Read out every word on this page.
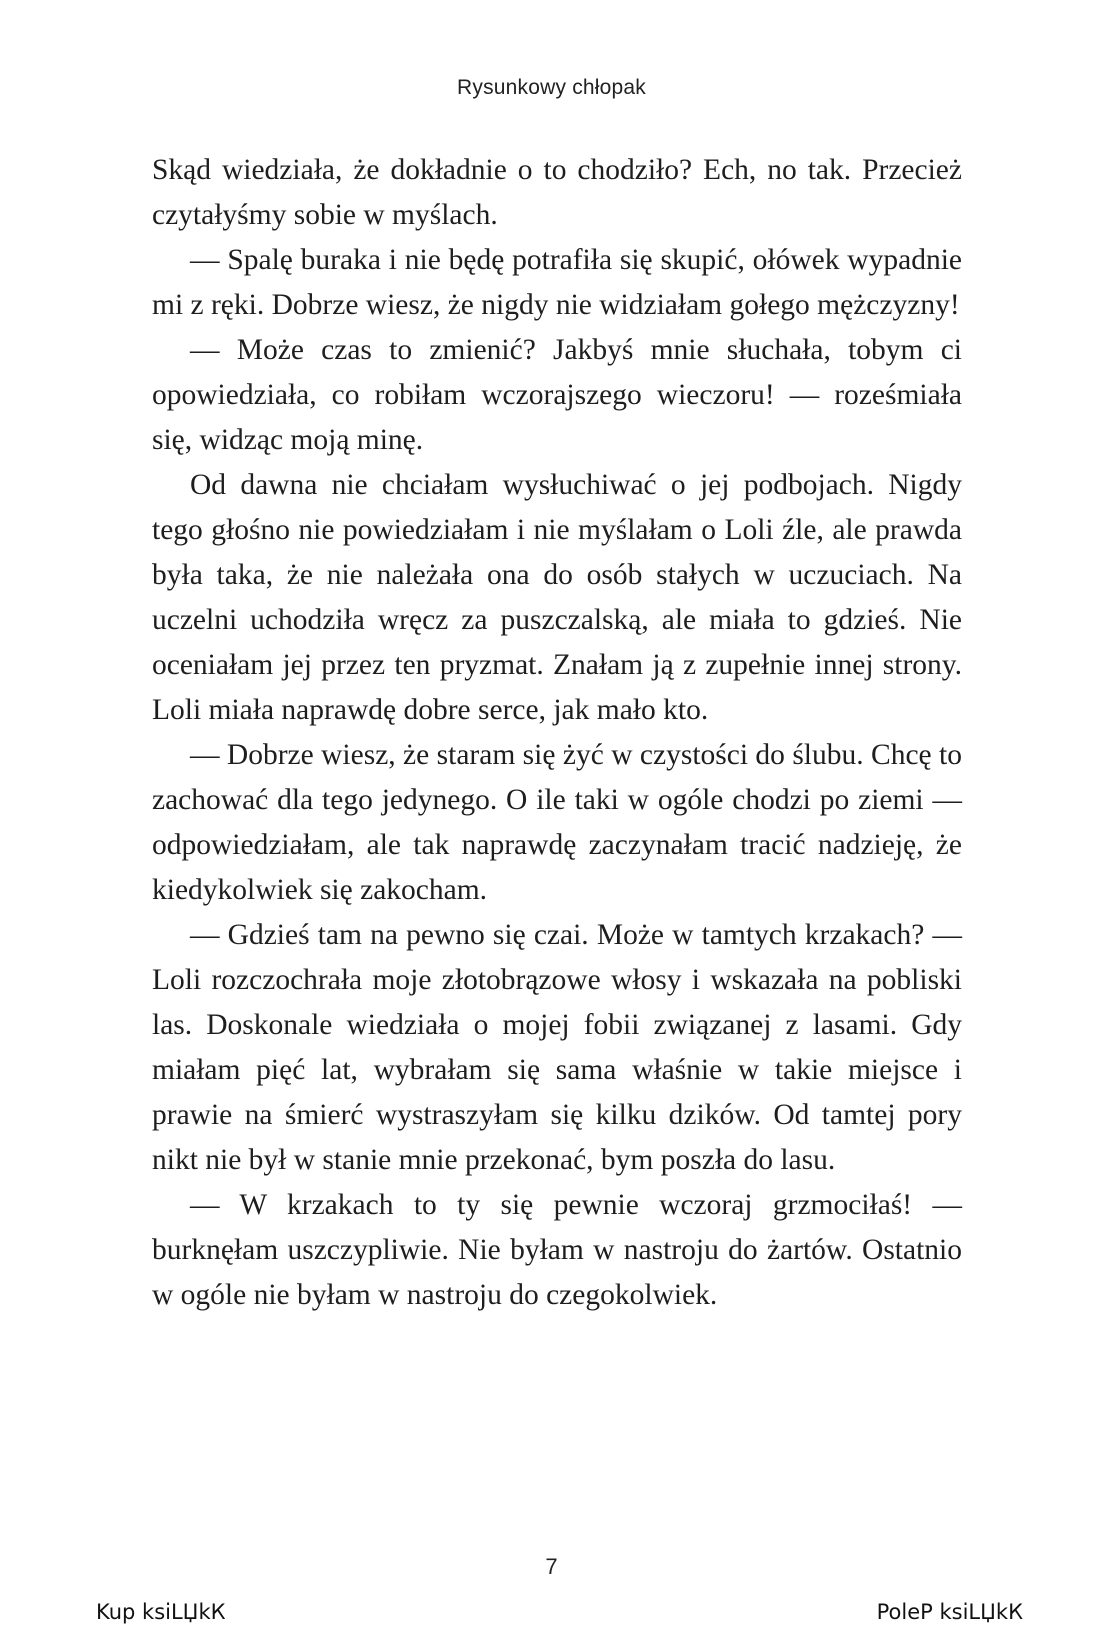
Rysunkowy chłopak

Skąd wiedziała, że dokładnie o to chodziło? Ech, no tak. Przecież czytałyśmy sobie w myślach.

— Spalę buraka i nie będę potrafiła się skupić, ołówek wypadnie mi z ręki. Dobrze wiesz, że nigdy nie widziałam gołego mężczyzny!

— Może czas to zmienić? Jakbyś mnie słuchała, tobym ci opowiedziała, co robiłam wczorajszego wieczoru! — roześmiała się, widząc moją minę.

Od dawna nie chciałam wysłuchiwać o jej podbojach. Nigdy tego głośno nie powiedziałam i nie myślałam o Loli źle, ale prawda była taka, że nie należała ona do osób stałych w uczuciach. Na uczelni uchodziła wręcz za puszczalską, ale miała to gdzieś. Nie oceniałam jej przez ten pryzmat. Znałam ją z zupełnie innej strony. Loli miała naprawdę dobre serce, jak mało kto.

— Dobrze wiesz, że staram się żyć w czystości do ślubu. Chcę to zachować dla tego jedynego. O ile taki w ogóle chodzi po ziemi — odpowiedziałam, ale tak naprawdę zaczynałam tracić nadzieję, że kiedykolwiek się zakocham.

— Gdzieś tam na pewno się czai. Może w tamtych krzakach? — Loli rozczochrała moje złotobrązowe włosy i wskazała na pobliski las. Doskonale wiedziała o mojej fobii związanej z lasami. Gdy miałam pięć lat, wybrałam się sama właśnie w takie miejsce i prawie na śmierć wystraszyłam się kilku dzików. Od tamtej pory nikt nie był w stanie mnie przekonać, bym poszła do lasu.

— W krzakach to ty się pewnie wczoraj grzmociłaś! — burknęłam uszczypliwie. Nie byłam w nastroju do żartów. Ostatnio w ogóle nie byłam w nastroju do czegokolwiek.

7
Kup ksiLЏkК	PoleP ksiLЏkК
